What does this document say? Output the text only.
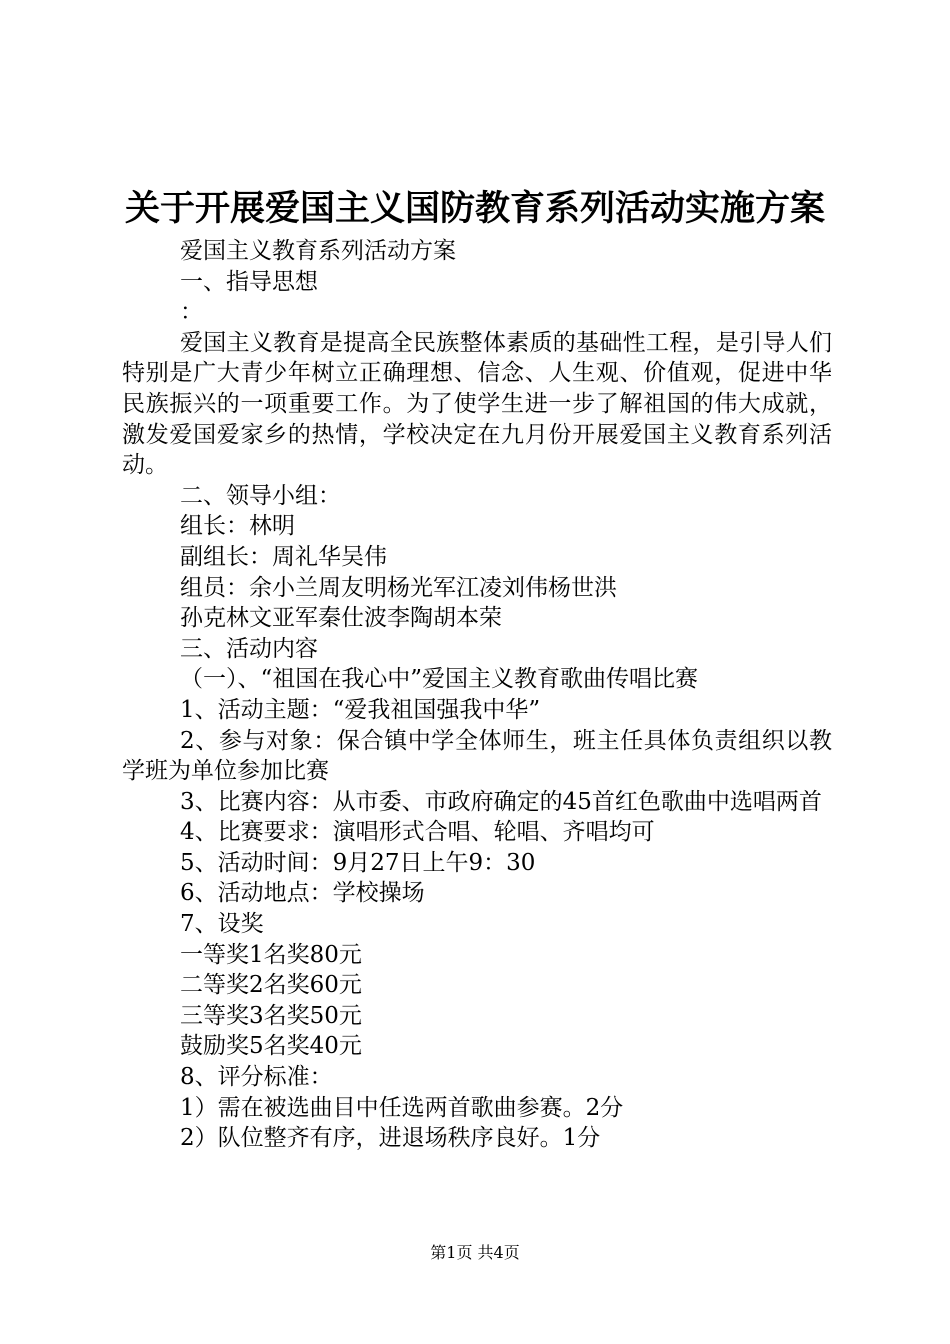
关于开展爱国主义国防教育系列活动实施方案
爱国主义教育系列活动方案
一、指导思想
：
爱国主义教育是提高全民族整体素质的基础性工程，是引导人们特别是广大青少年树立正确理想、信念、人生观、价值观，促进中华民族振兴的一项重要工作。为了使学生进一步了解祖国的伟大成就，激发爱国爱家乡的热情，学校决定在九月份开展爱国主义教育系列活动。
二、领导小组：
组长：林明
副组长：周礼华吴伟
组员：余小兰周友明杨光军江凌刘伟杨世洪
孙克林文亚军秦仕波李陶胡本荣
三、活动内容
（一）、“祖国在我心中”爱国主义教育歌曲传唱比赛
1、活动主题：“爱我祖国强我中华”
2、参与对象：保合镇中学全体师生，班主任具体负责组织以教学班为单位参加比赛
3、比赛内容：从市委、市政府确定的45首红色歌曲中选唱两首
4、比赛要求：演唱形式合唱、轮唱、齐唱均可
5、活动时间：9月27日上午9：30
6、活动地点：学校操场
7、设奖
一等奖1名奖80元
二等奖2名奖60元
三等奖3名奖50元
鼓励奖5名奖40元
8、评分标准：
1）需在被选曲目中任选两首歌曲参赛。2分
2）队位整齐有序，进退场秩序良好。1分
第1页 共4页
